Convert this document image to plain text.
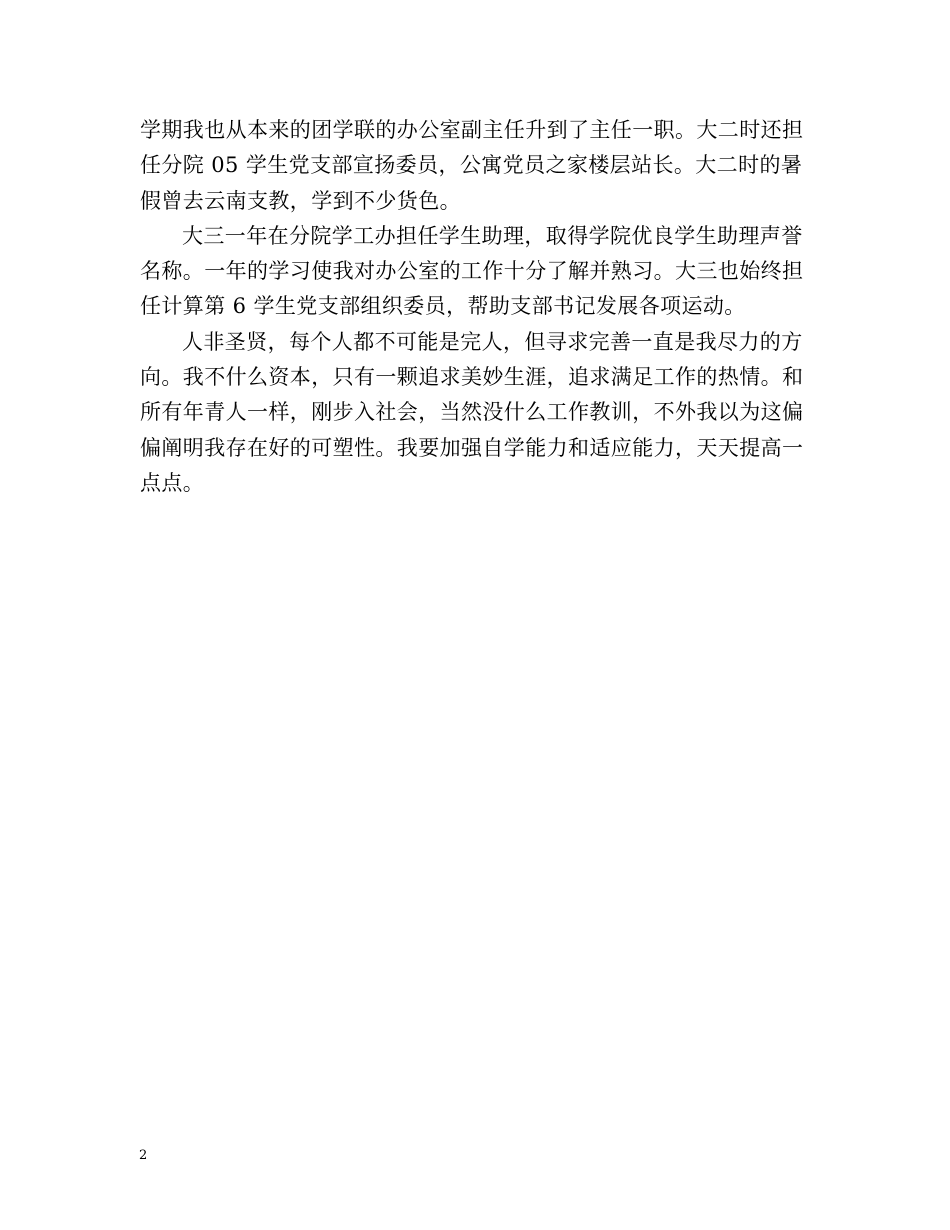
学期我也从本来的团学联的办公室副主任升到了主任一职。大二时还担
任分院 05 学生党支部宣扬委员，公寓党员之家楼层站长。大二时的暑
假曾去云南支教，学到不少货色。
大三一年在分院学工办担任学生助理，取得学院优良学生助理声誉
名称。一年的学习使我对办公室的工作十分了解并熟习。大三也始终担
任计算第 6 学生党支部组织委员，帮助支部书记发展各项运动。
人非圣贤，每个人都不可能是完人，但寻求完善一直是我尽力的方
向。我不什么资本，只有一颗追求美妙生涯，追求满足工作的热情。和
所有年青人一样，刚步入社会，当然没什么工作教训，不外我以为这偏
偏阐明我存在好的可塑性。我要加强自学能力和适应能力，天天提高一
点点。
2
